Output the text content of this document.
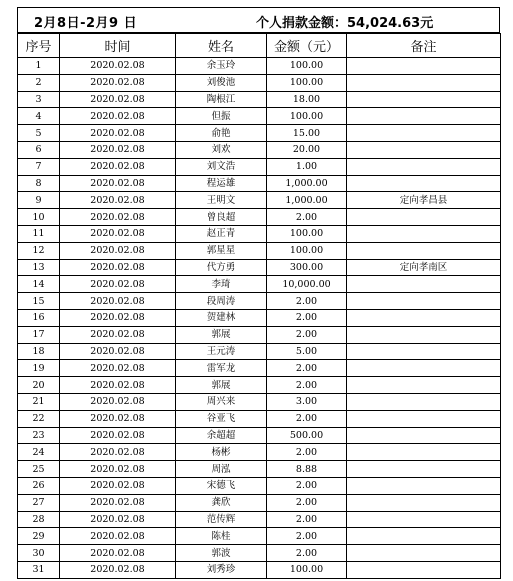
2月8日-2月9 日	个人捐款金额：54,024.63元
序号	时间	姓名	金额（元）	备注
1	2020.02.08	余玉玲	100.00	
2	2020.02.08	刘俊池	100.00	
3	2020.02.08	陶根江	18.00	
4	2020.02.08	但振	100.00	
5	2020.02.08	俞艳	15.00	
6	2020.02.08	刘欢	20.00	
7	2020.02.08	刘文浩	1.00	
8	2020.02.08	程运雄	1,000.00	
9	2020.02.08	王明文	1,000.00	定向孝昌县
10	2020.02.08	曾良超	2.00	
11	2020.02.08	赵正青	100.00	
12	2020.02.08	郭星星	100.00	
13	2020.02.08	代方勇	300.00	定向孝南区
14	2020.02.08	李琦	10,000.00	
15	2020.02.08	段周涛	2.00	
16	2020.02.08	贺建林	2.00	
17	2020.02.08	郭展	2.00	
18	2020.02.08	王元涛	5.00	
19	2020.02.08	雷军龙	2.00	
20	2020.02.08	郭展	2.00	
21	2020.02.08	周兴来	3.00	
22	2020.02.08	谷亚飞	2.00	
23	2020.02.08	余超超	500.00	
24	2020.02.08	杨彬	2.00	
25	2020.02.08	周泓	8.88	
26	2020.02.08	宋德飞	2.00	
27	2020.02.08	龚欣	2.00	
28	2020.02.08	范传辉	2.00	
29	2020.02.08	陈桂	2.00	
30	2020.02.08	郭波	2.00	
31	2020.02.08	刘秀珍	100.00	
